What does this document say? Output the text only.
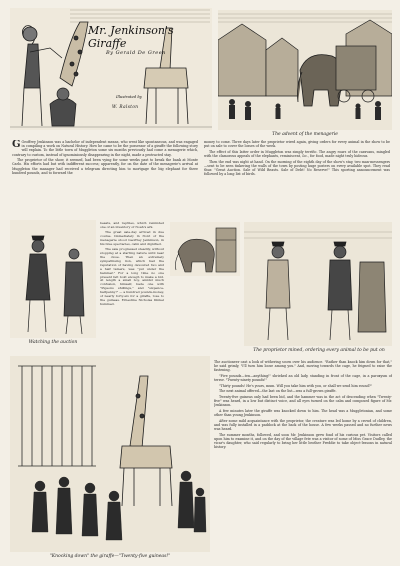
Mr. Jenkinson's Giraffe
By Gerald De Green
Illustrated by
W. Ralston
The advent of the menagerie

G Geoffrey Jenkinson was a bachelor of independent means, who went like spontaneous, and was engaged in compiling a work on Natural History. How he came to be the possessor of a giraffe the following story will explain. To the little town of Muggleton some six months previously had come a menagerie which, contrary to custom, instead of ignominiously disappearing in the night, made a protracted stay.

The proprietor of the show, it seemed, had been vying for some weeks past to break the bank at Monte Carlo. His efforts had but with indifferent success; apparently, for on the date of the menagerie's arrival at Muggleton the manager had received a telegram directing him to mortgage the big elephant for three hundred pounds, and to forward the

money to come. Three days later the proprietor wired again, giving orders for every animal in the show to be put on sale to cover the losses of the week.

The effect of this latter order in Muggleton was simply terrific. The angry roars of the caravans, mingled with the clamorous appeals of the elephants, reminiscent, &c., for food, made night truly hideous.

Then the end was night at hand. On the morning of the eighth day of the show's stay, two man-messengers—sent to be seen tinkering the walls of the town by posting huge posters on every available spot. They read thus: "Great Auction. Sale of Wild Beasts. Sale of Debt! No Reserve!" This sporting announcement was followed by a long list of birds.

Watching the auction

beasts, and reptiles, which reminded one of an inventory of Noah's ark.

The great sale-day arrived in due course. Immediately in front of the menagerie stood Geoffrey Jenkinson, in his blue spectacles, calm and dignified.

The sale progressed steadily, without stopping at a starting nature until near the close. Then an extremely sympathising lion, which had the reputation of having devoured two and a half tamers, was "put under the hammer." For a long time no one present felt bold enough to make a bid. At length a small boy, amidst much confusion, himself, bade one with "Pigeons shillings," and "sixpence-halfpenny!" — a hundred pounds-money, of nearly forty-six for a giraffe, rose to the guineas. Ernestine Nicholas Dinkel hummed.

The proprietor mined, ordering every animal to be put on
"Knocking down" the giraffe—"Twenty-five guineas!"

The auctioneer cast a look of withering scorn over his audience. "Rather than knock him down for that," he said grimly, "I'll turn him loose among you." And, moving towards the cage, he feigned to raise the fastening.

"Five pounds—ten—anything!" shrieked an old lady, standing in front of the cage, in a paroxysm of terror. "Twenty-ninety pounds!"

"Thirty pounds! He's yours, mum. Will you take him with you, or shall we send him round?"

The next animal offered—the last on the list—was a full-grown giraffe.

Twenty-five guineas only had been bid, and the hammer was in the act of descending when "Twenty-five" was heard, in a low but distinct voice, and all eyes turned on the calm and composed figure of Mr. Jenkinson.

A few minutes later the giraffe was knocked down to him. The head was a Muggletonian, and some other than young Jenkinson.

After some mild acquaintance with the proprietor, the creature was led home by a crowd of children, and was fully installed in a paddock at the back of the house. A few weeks passed and no further news was heard.

The summer months, followed, and soon Mr. Jenkinson grew fond of his curious pet. Visitors called upon him to examine it, and on the day of the village fete was a visitor of some of Miss Grace Dudley, the vicar's daughter, who said regularly to bring her little brother Freddie to take object-lessons in natural history.
